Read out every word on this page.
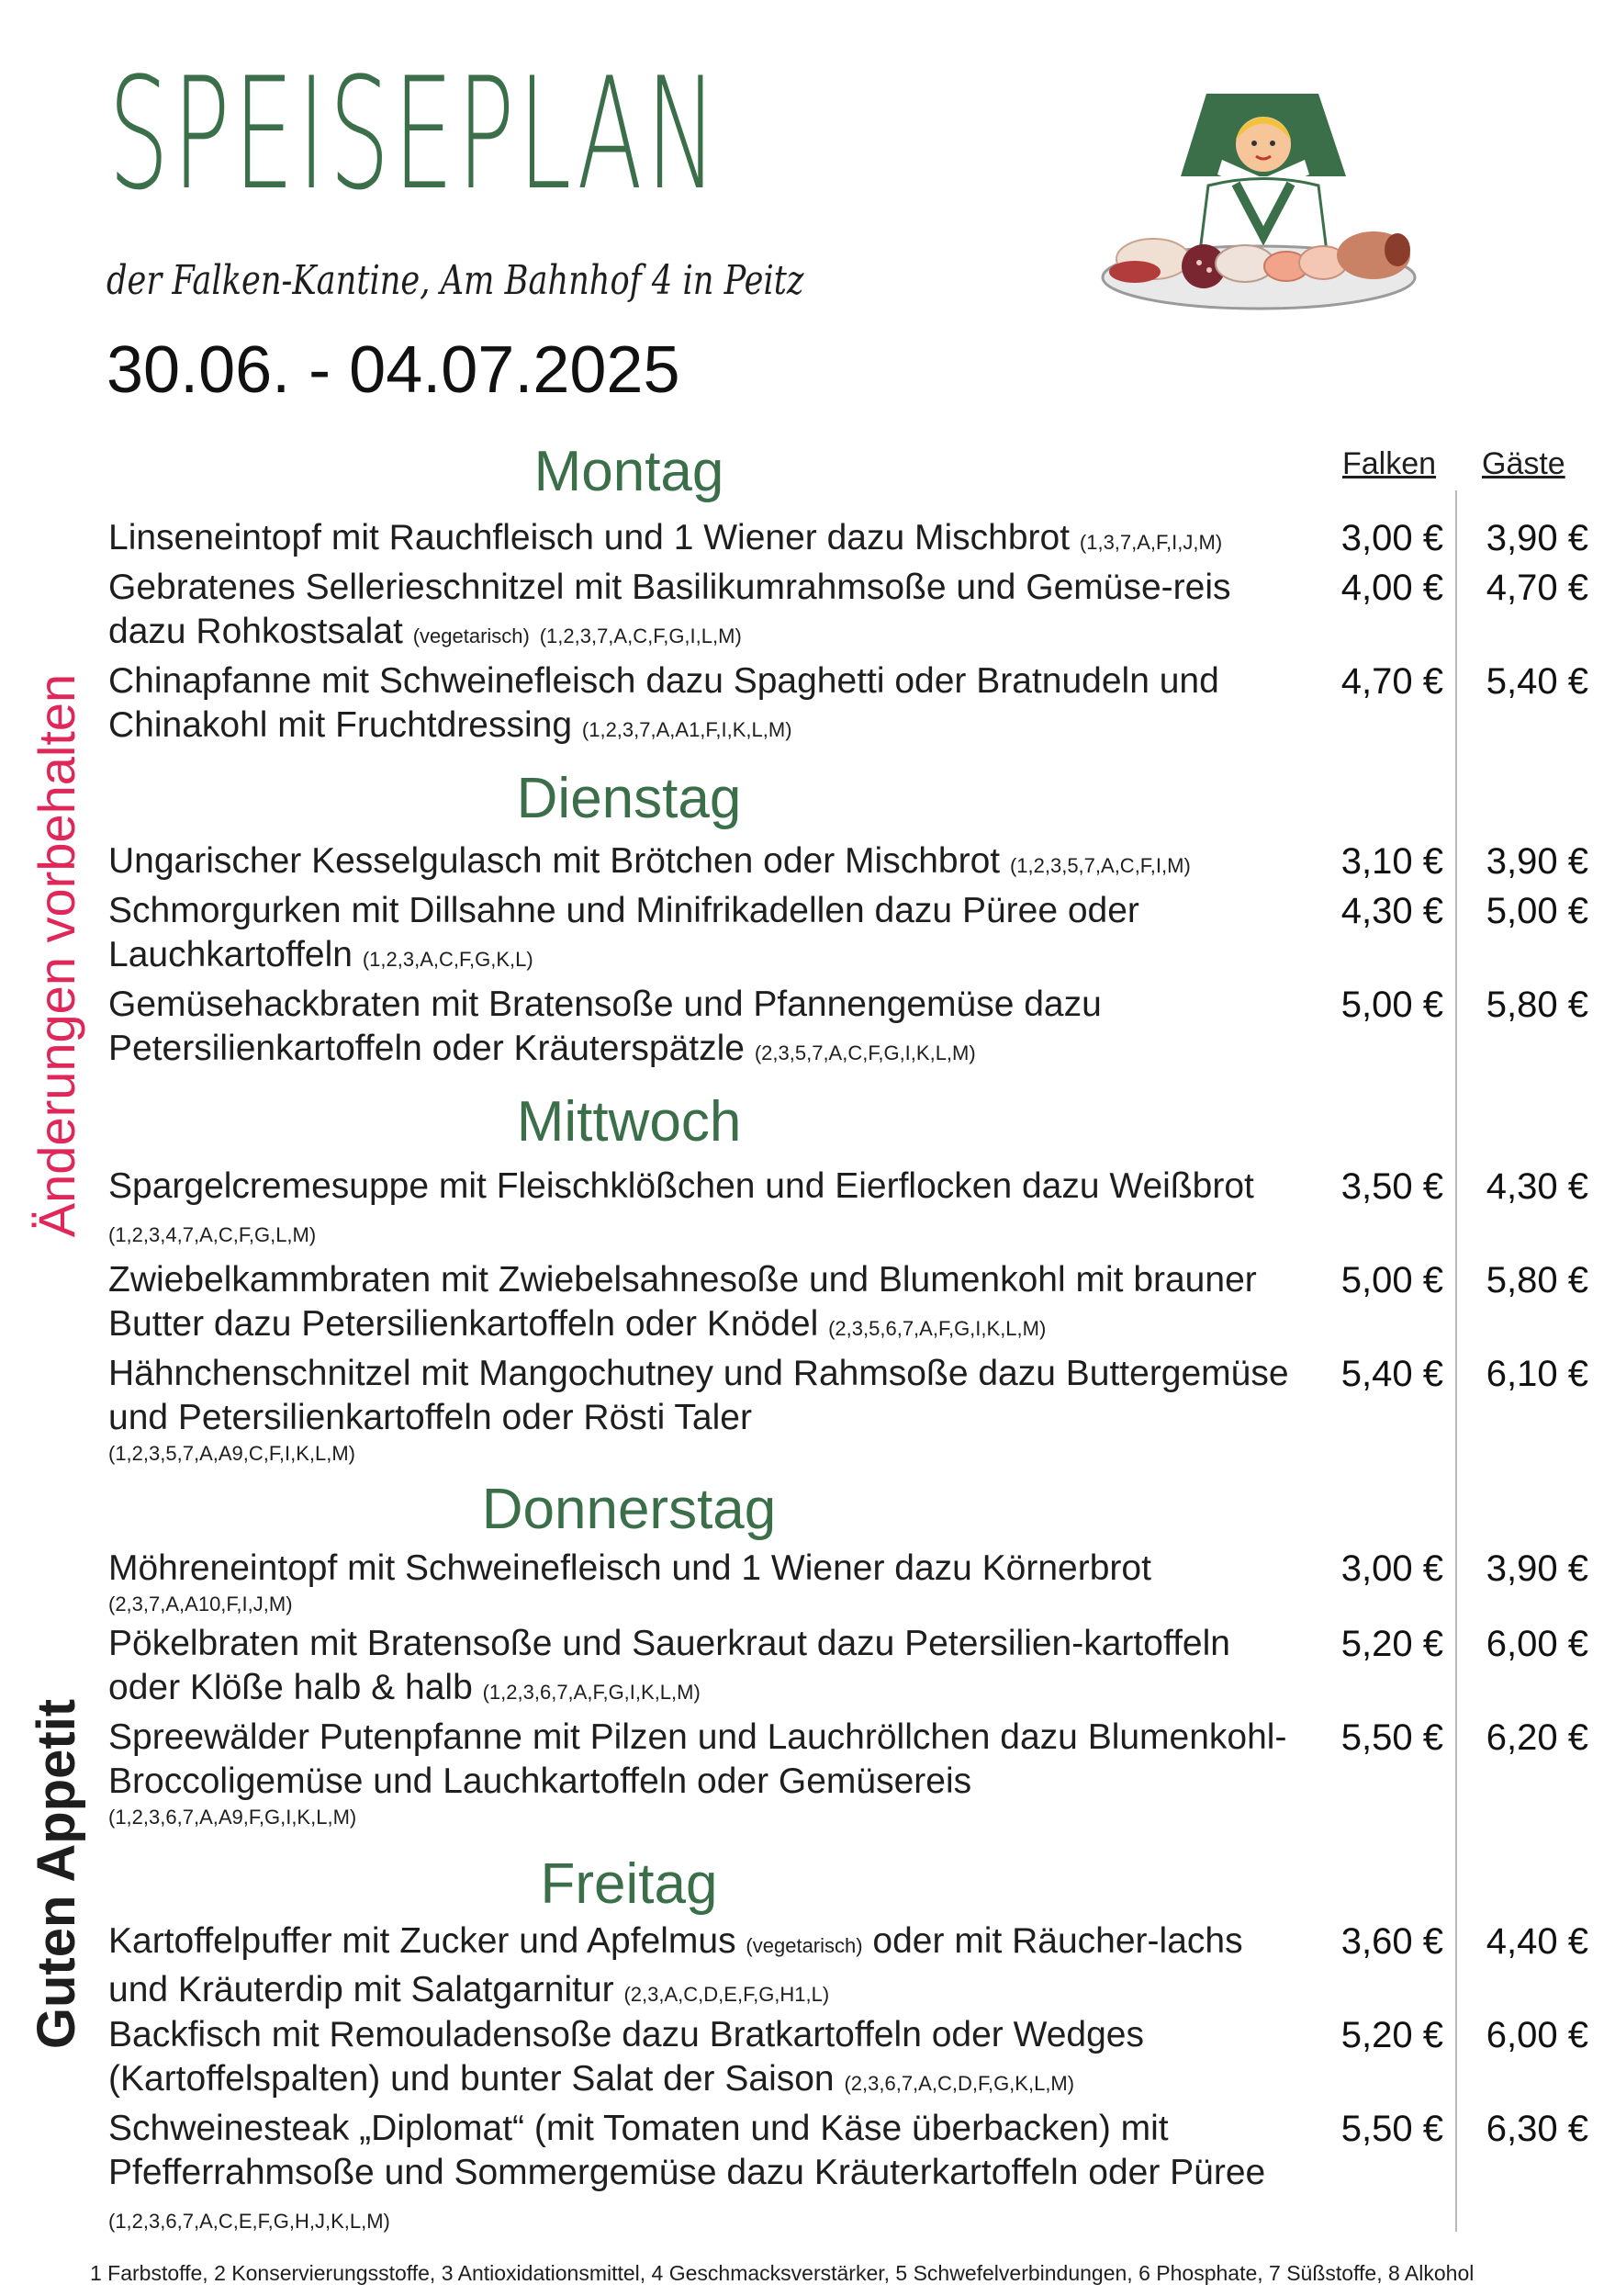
SPEISEPLAN
der Falken-Kantine, Am Bahnhof 4 in Peitz
30.06. - 04.07.2025
Änderungen vorbehalten
Guten Appetit
Falken Gäste
Montag
Linseneintopf mit Rauchfleisch und 1 Wiener dazu Mischbrot (1,3,7,A,F,I,J,M)	3,00 €	3,90 €
Gebratenes Sellerieschnitzel mit Basilikumrahmsoße und Gemüse-reis dazu Rohkostsalat (vegetarisch) (1,2,3,7,A,C,F,G,I,L,M)
4,00 €	4,70 €
Chinapfanne mit Schweinefleisch dazu Spaghetti oder Bratnudeln und Chinakohl mit Fruchtdressing (1,2,3,7,A,A1,F,I,K,L,M)
4,70 €	5,40 €
Dienstag
Ungarischer Kesselgulasch mit Brötchen oder Mischbrot (1,2,3,5,7,A,C,F,I,M)	3,10 €	3,90 €
Schmorgurken mit Dillsahne und Minifrikadellen dazu Püree oder Lauchkartoffeln (1,2,3,A,C,F,G,K,L)
4,30 €	5,00 €
Gemüsehackbraten mit Bratensoße und Pfannengemüse dazu Petersilienkartoffeln oder Kräuterspätzle (2,3,5,7,A,C,F,G,I,K,L,M)
5,00 €	5,80 €
Mittwoch
Spargelcremesuppe mit Fleischklößchen und Eierflocken dazu Weißbrot (1,2,3,4,7,A,C,F,G,L,M)
3,50 €	4,30 €
Zwiebelkammbraten mit Zwiebelsahnesoße und Blumenkohl mit brauner Butter dazu Petersilienkartoffeln oder Knödel (2,3,5,6,7,A,F,G,I,K,L,M)
5,00 €	5,80 €
Hähnchenschnitzel mit Mangochutney und Rahmsoße dazu Buttergemüse und Petersilienkartoffeln oder Rösti Taler
(1,2,3,5,7,A,A9,C,F,I,K,L,M)
5,40 €	6,10 €
Donnerstag
Möhreneintopf mit Schweinefleisch und 1 Wiener dazu Körnerbrot
(2,3,7,A,A10,F,I,J,M)
3,00 €	3,90 €
Pökelbraten mit Bratensoße und Sauerkraut dazu Petersilien-kartoffeln oder Klöße halb & halb (1,2,3,6,7,A,F,G,I,K,L,M)
5,20 €	6,00 €
Spreewälder Putenpfanne mit Pilzen und Lauchröllchen dazu Blumenkohl-Broccoligemüse und Lauchkartoffeln oder Gemüsereis
(1,2,3,6,7,A,A9,F,G,I,K,L,M)
5,50 €	6,20 €
Freitag
Kartoffelpuffer mit Zucker und Apfelmus (vegetarisch) oder mit Räucher-lachs und Kräuterdip mit Salatgarnitur (2,3,A,C,D,E,F,G,H1,L)
3,60 €	4,40 €
Backfisch mit Remouladensoße dazu Bratkartoffeln oder Wedges (Kartoffelspalten) und bunter Salat der Saison (2,3,6,7,A,C,D,F,G,K,L,M)
5,20 €	6,00 €
Schweinesteak „Diplomat“ (mit Tomaten und Käse überbacken) mit Pfefferrahmsoße und Sommergemüse dazu Kräuterkartoffeln oder Püree (1,2,3,6,7,A,C,E,F,G,H,J,K,L,M)
5,50 €	6,30 €
1 Farbstoffe, 2 Konservierungsstoffe, 3 Antioxidationsmittel, 4 Geschmacksverstärker, 5 Schwefelverbindungen, 6 Phosphate, 7 Süßstoffe, 8 Alkohol
